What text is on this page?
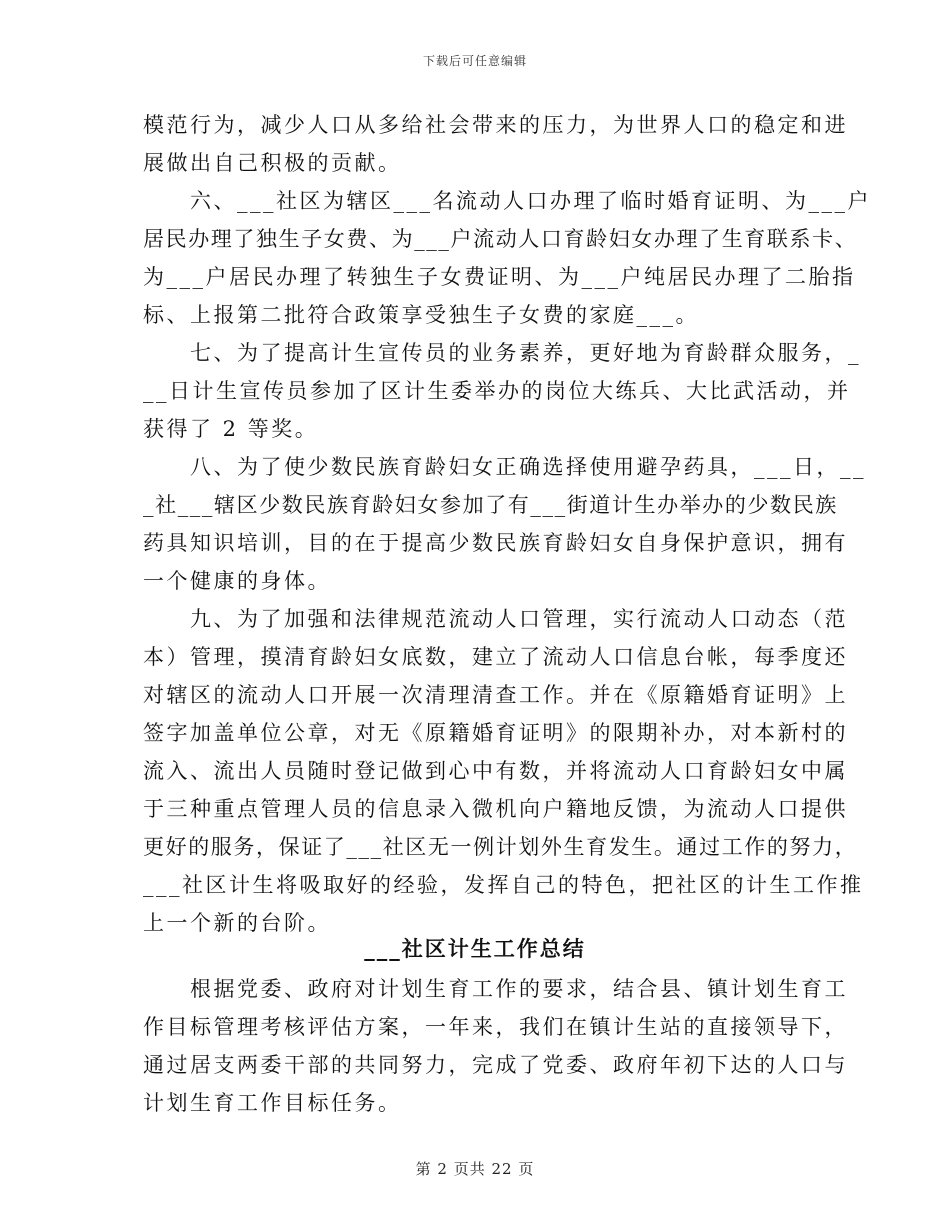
下载后可任意编辑
模范行为，减少人口从多给社会带来的压力，为世界人口的稳定和进
展做出自己积极的贡献。
六、___社区为辖区___名流动人口办理了临时婚育证明、为___户
居民办理了独生子女费、为___户流动人口育龄妇女办理了生育联系卡、
为___户居民办理了转独生子女费证明、为___户纯居民办理了二胎指
标、上报第二批符合政策享受独生子女费的家庭___。
七、为了提高计生宣传员的业务素养，更好地为育龄群众服务，_
__日计生宣传员参加了区计生委举办的岗位大练兵、大比武活动，并
获得了 2 等奖。
八、为了使少数民族育龄妇女正确选择使用避孕药具，___日，__
_社___辖区少数民族育龄妇女参加了有___街道计生办举办的少数民族
药具知识培训，目的在于提高少数民族育龄妇女自身保护意识，拥有
一个健康的身体。
九、为了加强和法律规范流动人口管理，实行流动人口动态（范
本）管理，摸清育龄妇女底数，建立了流动人口信息台帐，每季度还
对辖区的流动人口开展一次清理清查工作。并在《原籍婚育证明》上
签字加盖单位公章，对无《原籍婚育证明》的限期补办，对本新村的
流入、流出人员随时登记做到心中有数，并将流动人口育龄妇女中属
于三种重点管理人员的信息录入微机向户籍地反馈，为流动人口提供
更好的服务，保证了___社区无一例计划外生育发生。通过工作的努力，
___社区计生将吸取好的经验，发挥自己的特色，把社区的计生工作推
上一个新的台阶。
___社区计生工作总结
根据党委、政府对计划生育工作的要求，结合县、镇计划生育工
作目标管理考核评估方案，一年来，我们在镇计生站的直接领导下，
通过居支两委干部的共同努力，完成了党委、政府年初下达的人口与
计划生育工作目标任务。
第 2 页共 22 页
